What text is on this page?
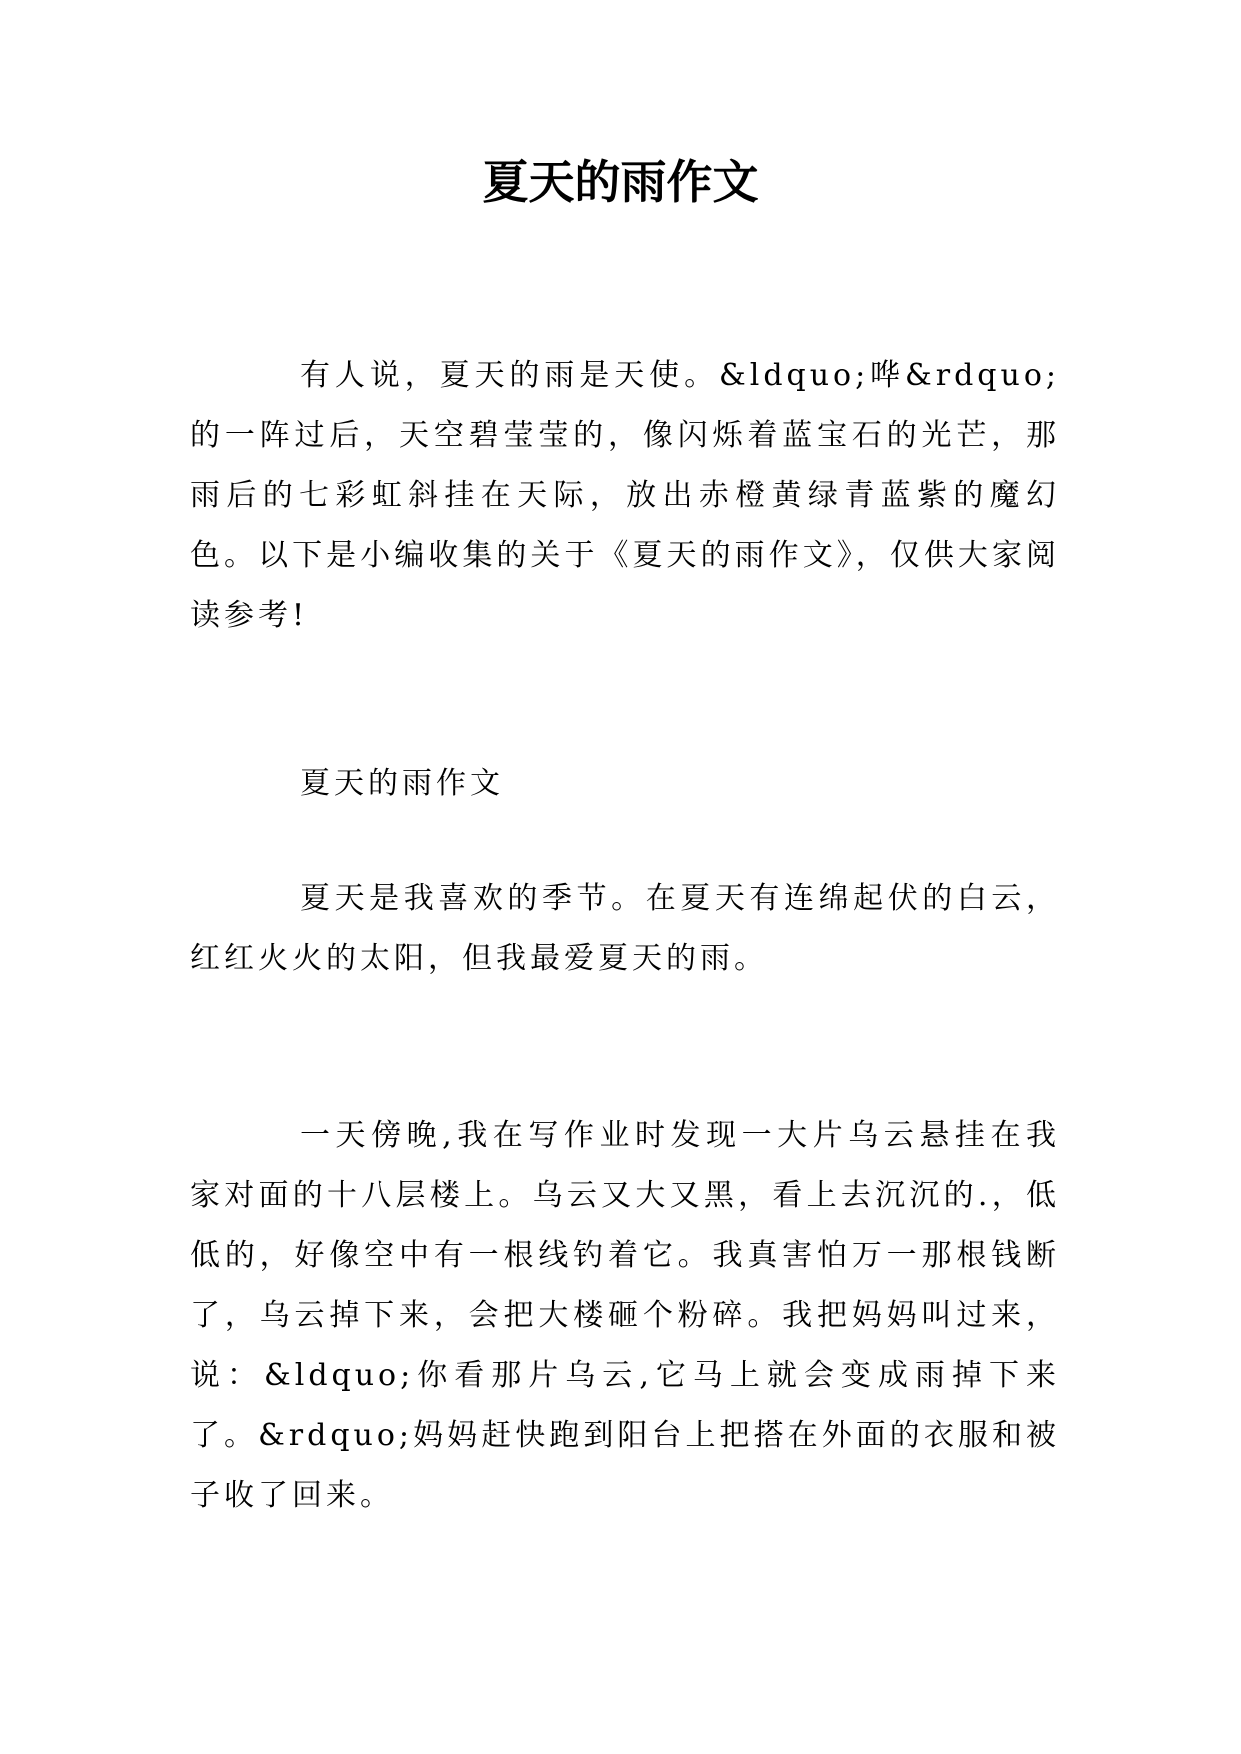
夏天的雨作文

有人说，夏天的雨是天使。&ldquo;哗&rdquo;的一阵过后，天空碧莹莹的，像闪烁着蓝宝石的光芒，那雨后的七彩虹斜挂在天际，放出赤橙黄绿青蓝紫的魔幻色。以下是小编收集的关于《夏天的雨作文》，仅供大家阅读参考!

夏天的雨作文

夏天是我喜欢的季节。在夏天有连绵起伏的白云，红红火火的太阳，但我最爱夏天的雨。

一天傍晚,我在写作业时发现一大片乌云悬挂在我家对面的十八层楼上。乌云又大又黑，看上去沉沉的.，低低的，好像空中有一根线钓着它。我真害怕万一那根钱断了，乌云掉下来，会把大楼砸个粉碎。我把妈妈叫过来，说：&ldquo;你看那片乌云,它马上就会变成雨掉下来了。&rdquo;妈妈赶快跑到阳台上把搭在外面的衣服和被子收了回来。
